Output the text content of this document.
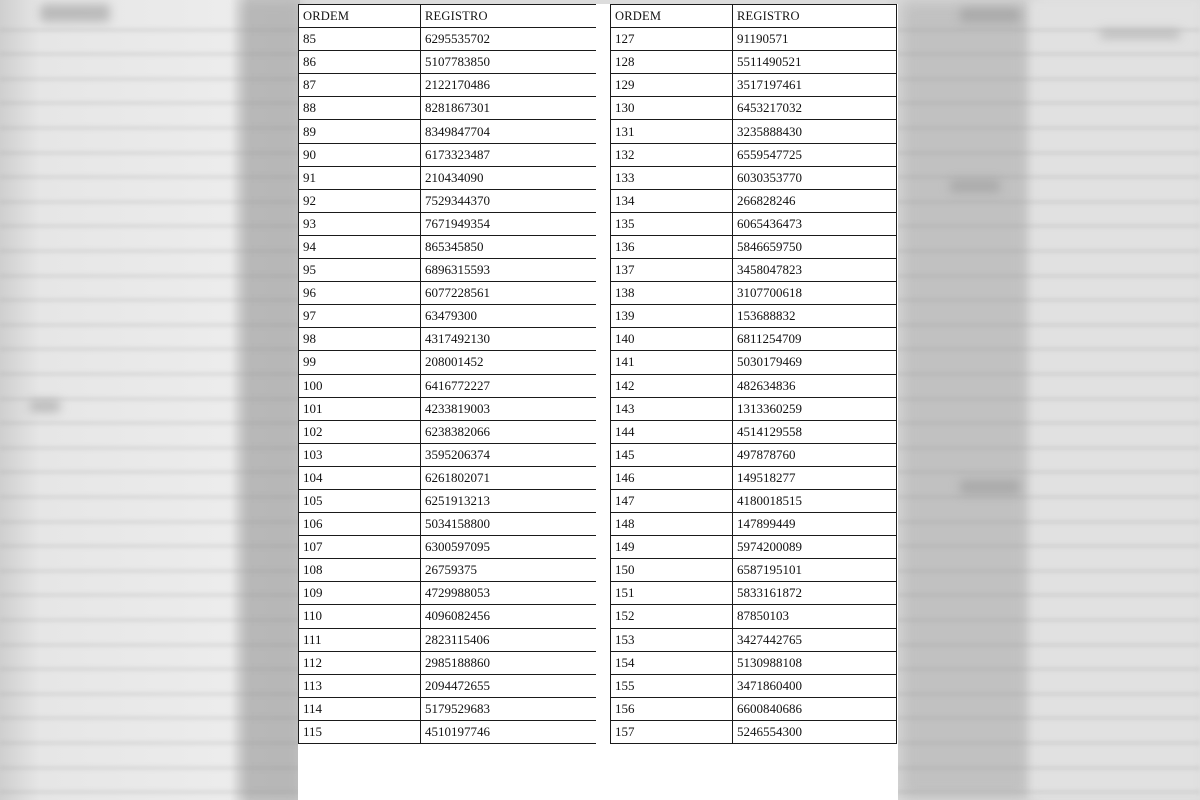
ORDEM	REGISTRO
85	6295535702
86	5107783850
87	2122170486
88	8281867301
89	8349847704
90	6173323487
91	210434090
92	7529344370
93	7671949354
94	865345850
95	6896315593
96	6077228561
97	63479300
98	4317492130
99	208001452
100	6416772227
101	4233819003
102	6238382066
103	3595206374
104	6261802071
105	6251913213
106	5034158800
107	6300597095
108	26759375
109	4729988053
110	4096082456
111	2823115406
112	2985188860
113	2094472655
114	5179529683
115	4510197746
ORDEM	REGISTRO
127	91190571
128	5511490521
129	3517197461
130	6453217032
131	3235888430
132	6559547725
133	6030353770
134	266828246
135	6065436473
136	5846659750
137	3458047823
138	3107700618
139	153688832
140	6811254709
141	5030179469
142	482634836
143	1313360259
144	4514129558
145	497878760
146	149518277
147	4180018515
148	147899449
149	5974200089
150	6587195101
151	5833161872
152	87850103
153	3427442765
154	5130988108
155	3471860400
156	6600840686
157	5246554300
